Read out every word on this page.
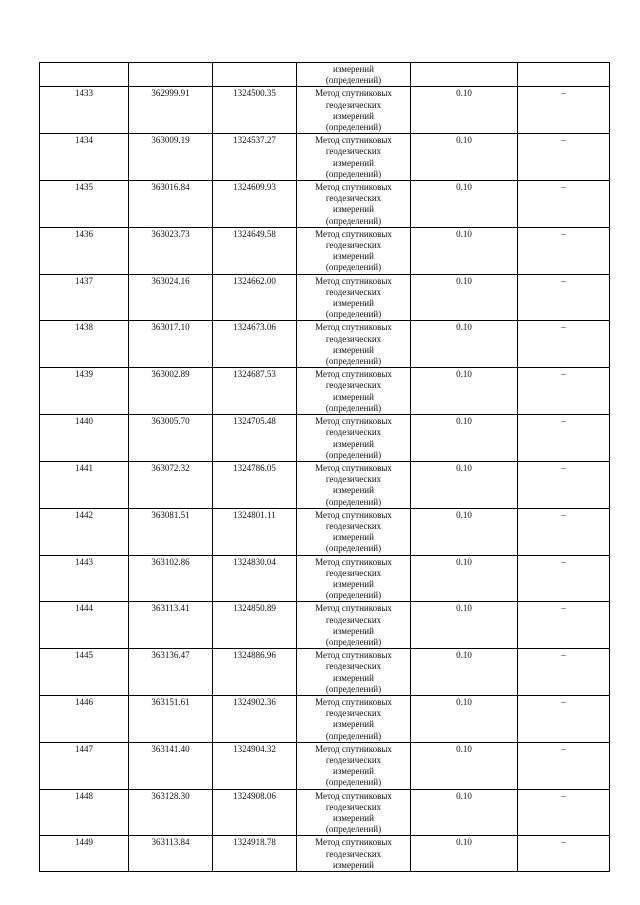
			измерений
(определений)		

1433	362999.91	1324500.35	Метод спутниковых
геодезических
измерений
(определений)	0.10	–
1434	363009.19	1324537.27	Метод спутниковых
геодезических
измерений
(определений)	0.10	–
1435	363016.84	1324609.93	Метод спутниковых
геодезических
измерений
(определений)	0.10	–
1436	363023.73	1324649.58	Метод спутниковых
геодезических
измерений
(определений)	0.10	–
1437	363024.16	1324662.00	Метод спутниковых
геодезических
измерений
(определений)	0.10	–
1438	363017.10	1324673.06	Метод спутниковых
геодезических
измерений
(определений)	0.10	–
1439	363002.89	1324687.53	Метод спутниковых
геодезических
измерений
(определений)	0.10	–
1440	363005.70	1324705.48	Метод спутниковых
геодезических
измерений
(определений)	0.10	–
1441	363072.32	1324786.05	Метод спутниковых
геодезических
измерений
(определений)	0.10	–
1442	363081.51	1324801.11	Метод спутниковых
геодезических
измерений
(определений)	0.10	–
1443	363102.86	1324830.04	Метод спутниковых
геодезических
измерений
(определений)	0.10	–
1444	363113.41	1324850.89	Метод спутниковых
геодезических
измерений
(определений)	0.10	–
1445	363136.47	1324886.96	Метод спутниковых
геодезических
измерений
(определений)	0.10	–
1446	363151.61	1324902.36	Метод спутниковых
геодезических
измерений
(определений)	0.10	–
1447	363141.40	1324904.32	Метод спутниковых
геодезических
измерений
(определений)	0.10	–
1448	363128.30	1324908.06	Метод спутниковых
геодезических
измерений
(определений)	0.10	–
1449	363113.84	1324918.78	Метод спутниковых
геодезических
измерений	0.10	–
